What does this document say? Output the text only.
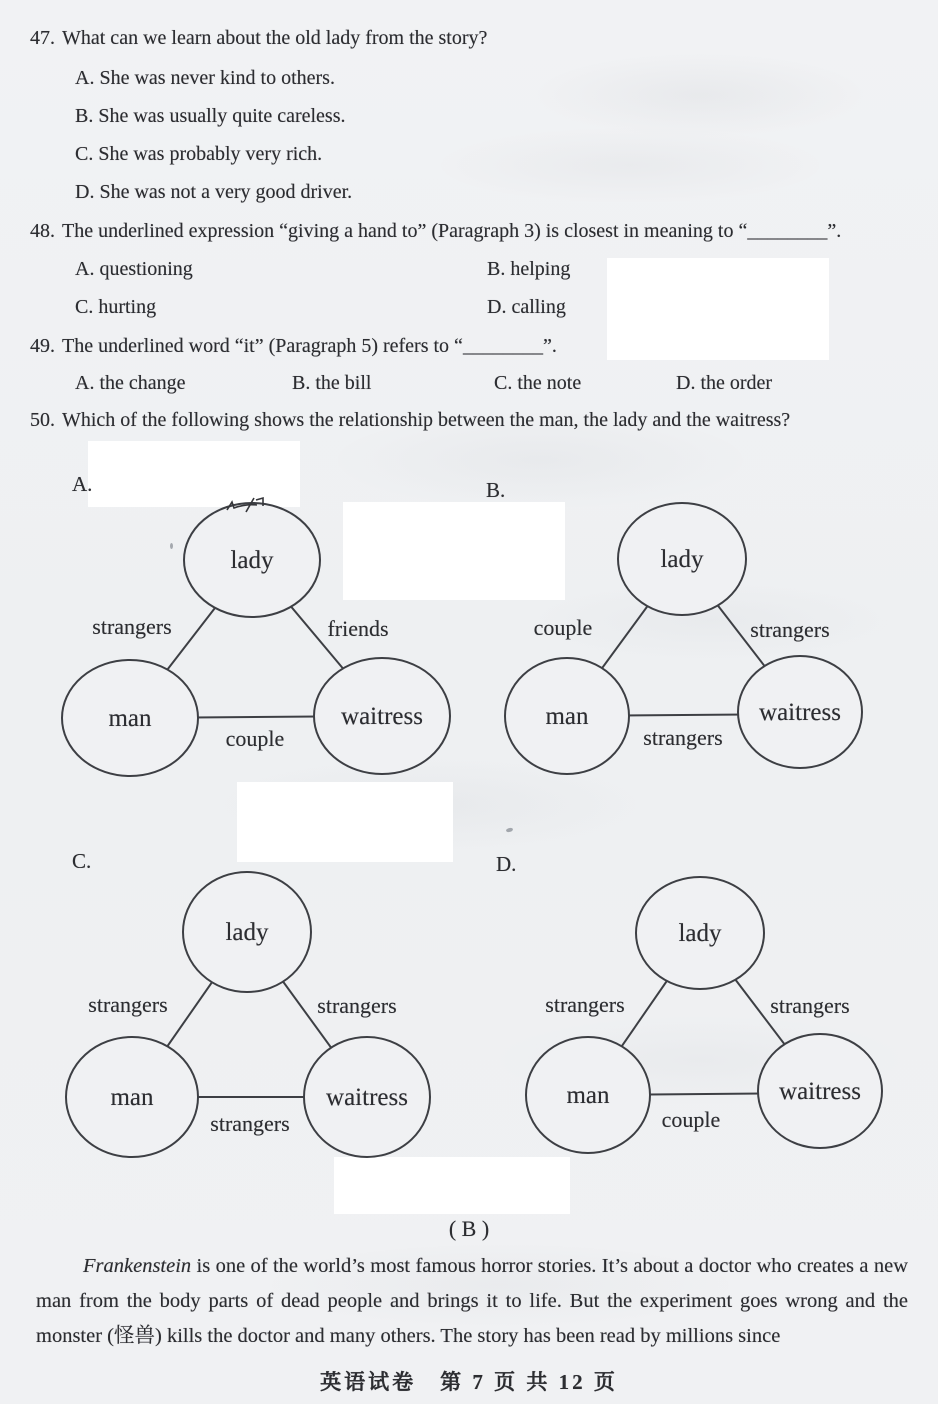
47. What can we learn about the old lady from the story?
A. She was never kind to others.
B. She was usually quite careless.
C. She was probably very rich.
D. She was not a very good driver.
48. The underlined expression “giving a hand to” (Paragraph 3) is closest in meaning to “________”.
A. questioning	B. helping
C. hurting	D. calling
49. The underlined word “it” (Paragraph 5) refers to “________”.
A. the change	B. the bill	C. the note	D. the order
50. Which of the following shows the relationship between the man, the lady and the waitress?
A.	B.
C.	D.
lady
man	waitress
strangers	friends
couple
lady
man	waitress
couple	strangers
strangers
lady
man	waitress
strangers	strangers
strangers
lady
man	waitress
strangers	strangers
couple
( B )

Frankenstein is one of the world’s most famous horror stories. It’s about a doctor who creates a new man from the body parts of dead people and brings it to life. But the experiment goes wrong and the monster (怪兽) kills the doctor and many others. The story has been read by millions since

英语试卷　第 7 页 共 12 页
